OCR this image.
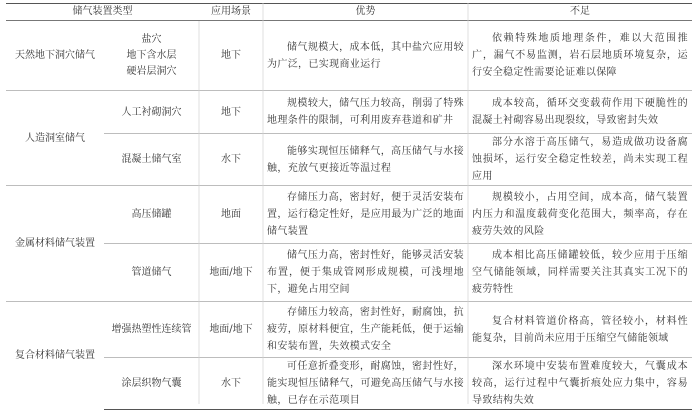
储气装置类型		应用场景	优势	不足
天然地下洞穴储气	盐穴
地下含水层
硬岩层洞穴	地下	储气规模大，成本低，其中盐穴应用较为广泛，已实现商业运行	依赖特殊地质地理条件，难以大范围推广，漏气不易监测，岩石层地质环境复杂，运行安全稳定性需要论证难以保障

人造洞室储气	人工衬砌洞穴	地下	规模较大，储气压力较高，削弱了特殊地理条件的限制，可利用废弃巷道和矿井	成本较高，循环交变载荷作用下硬脆性的混凝土衬砌容易出现裂纹，导致密封失效

	混凝土储气室	水下	能够实现恒压储释气，高压储气与水接触，充放气更接近等温过程	部分水溶于高压储气，易造成做功设备腐蚀损坏，运行安全稳定性较差，尚未实现工程应用

金属材料储气装置	高压储罐	地面	存储压力高，密封好，便于灵活安装布置，运行稳定性好，是应用最为广泛的地面储气装置	规模较小，占用空间，成本高，储气装置内压力和温度载荷变化范围大，频率高，存在疲劳失效的风险

	管道储气	地面/地下	储气压力高，密封性好，能够灵活安装布置，便于集成管网形成规模，可浅埋地下，避免占用空间	成本相比高压储罐较低，较少应用于压缩空气储能领域，同样需要关注其真实工况下的疲劳特性

复合材料储气装置	增强热塑性连续管	地面/地下	存储压力较高，密封性好，耐腐蚀，抗疲劳，原材料便宜，生产能耗低，便于运输和安装布置，失效模式安全	复合材料管道价格高，管径较小，材料性能复杂，目前尚未应用于压缩空气储能领域

	涂层织物气囊	水下	可任意折叠变形，耐腐蚀，密封性好，能实现恒压储释气，可避免高压储气与水接触，已存在示范项目	深水环境中安装布置难度较大，气囊成本较高，运行过程中气囊折痕处应力集中，容易导致结构失效
